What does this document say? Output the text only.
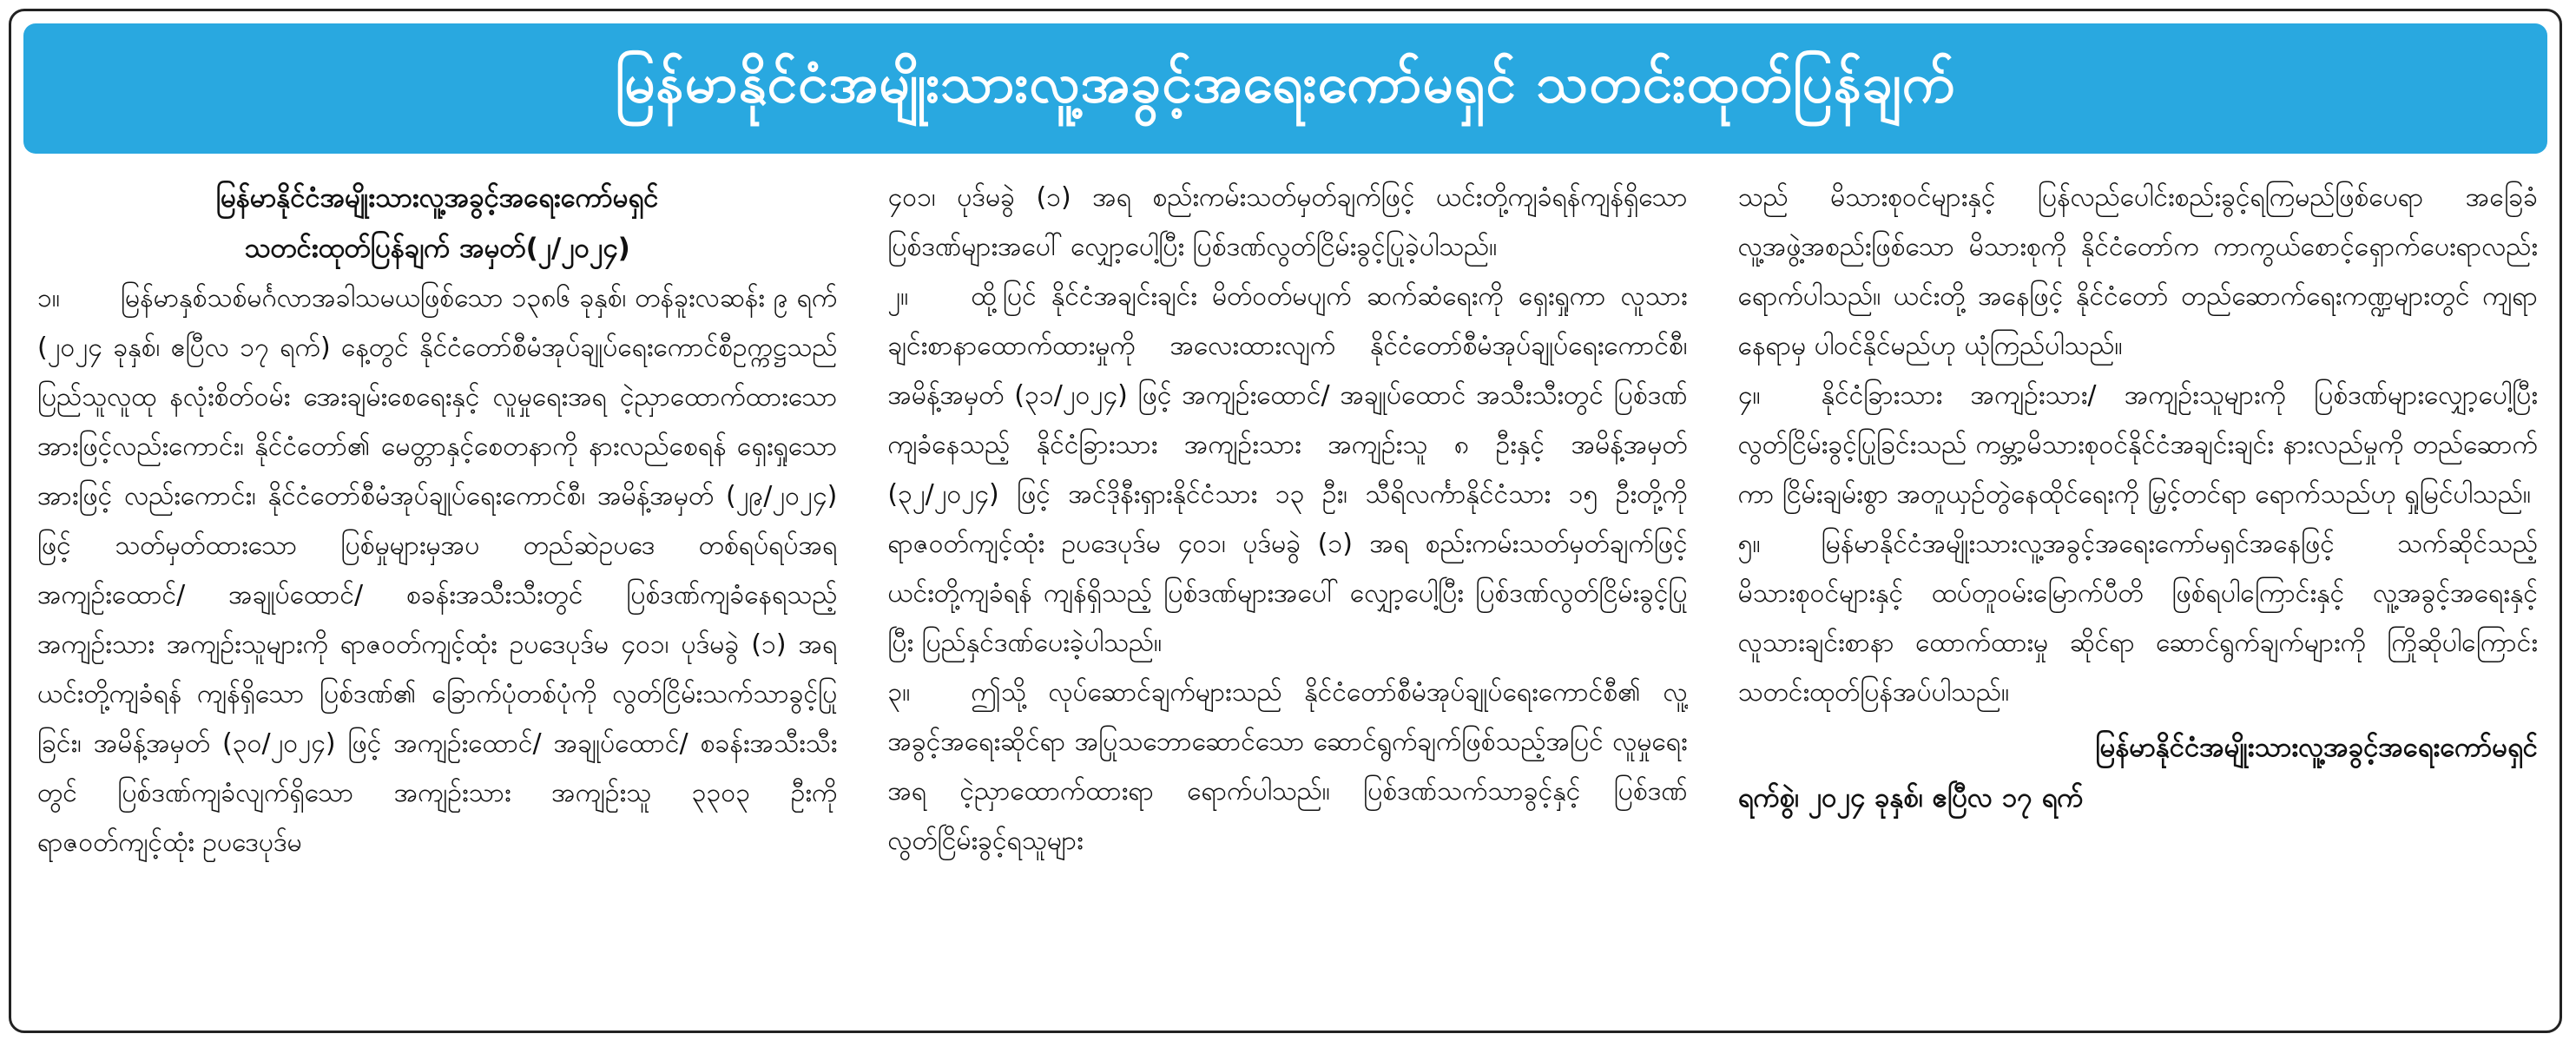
မြန်မာနိုင်ငံအမျိုးသားလူ့အခွင့်အရေးကော်မရှင် သတင်းထုတ်ပြန်ချက်
မြန်မာနိုင်ငံအမျိုးသားလူ့အခွင့်အရေးကော်မရှင်
သတင်းထုတ်ပြန်ချက် အမှတ်(၂/၂၀၂၄)

၁။ မြန်မာနှစ်သစ်မင်္ဂလာအခါသမယဖြစ်သော ၁၃၈၆ ခုနှစ်၊ တန်ခူးလဆန်း ၉ ရက် (၂၀၂၄ ခုနှစ်၊ ဧပြီလ ၁၇ ရက်) နေ့တွင် နိုင်ငံတော်စီမံအုပ်ချုပ်ရေးကောင်စီဥက္ကဋ္ဌသည် ပြည်သူလူထု နလုံးစိတ်ဝမ်း အေးချမ်းစေရေးနှင့် လူမှုရေးအရ ငဲ့ညှာထောက်ထားသောအားဖြင့်လည်းကောင်း၊ နိုင်ငံတော်၏ မေတ္တာနှင့်စေတနာကို နားလည်စေရန် ရှေးရှုသောအားဖြင့် လည်းကောင်း၊ နိုင်ငံတော်စီမံအုပ်ချုပ်ရေးကောင်စီ၊ အမိန့်အမှတ် (၂၉/၂၀၂၄) ဖြင့် သတ်မှတ်ထားသော ပြစ်မှုများမှအပ တည်ဆဲဥပဒေ တစ်ရပ်ရပ်အရ အကျဉ်းထောင်/ အချုပ်ထောင်/ စခန်းအသီးသီးတွင် ပြစ်ဒဏ်ကျခံနေရသည့် အကျဉ်းသား အကျဉ်းသူများကို ရာဇဝတ်ကျင့်ထုံး ဥပဒေပုဒ်မ ၄၀၁၊ ပုဒ်မခွဲ (၁) အရ ယင်းတို့ကျခံရန် ကျန်ရှိသော ပြစ်ဒဏ်၏ ခြောက်ပုံတစ်ပုံကို လွတ်ငြိမ်းသက်သာခွင့်ပြုခြင်း၊ အမိန့်အမှတ် (၃၀/၂၀၂၄) ဖြင့် အကျဉ်းထောင်/ အချုပ်ထောင်/ စခန်းအသီးသီးတွင် ပြစ်ဒဏ်ကျခံလျက်ရှိသော အကျဉ်းသား အကျဉ်းသူ ၃၃၀၃ ဦးကို ရာဇဝတ်ကျင့်ထုံး ဥပဒေပုဒ်မ

၄၀၁၊ ပုဒ်မခွဲ (၁) အရ စည်းကမ်းသတ်မှတ်ချက်ဖြင့် ယင်းတို့ကျခံရန်ကျန်ရှိသော ပြစ်ဒဏ်များအပေါ် လျှော့ပေါ့ပြီး ပြစ်ဒဏ်လွတ်ငြိမ်းခွင့်ပြုခဲ့ပါသည်။

၂။ ထို့ပြင် နိုင်ငံအချင်းချင်း မိတ်ဝတ်မပျက် ဆက်ဆံရေးကို ရှေးရှုကာ လူသားချင်းစာနာထောက်ထားမှုကို အလေးထားလျက် နိုင်ငံတော်စီမံအုပ်ချုပ်ရေးကောင်စီ၊ အမိန့်အမှတ် (၃၁/၂၀၂၄) ဖြင့် အကျဉ်းထောင်/ အချုပ်ထောင် အသီးသီးတွင် ပြစ်ဒဏ်ကျခံနေသည့် နိုင်ငံခြားသား အကျဉ်းသား အကျဉ်းသူ ၈ ဦးနှင့် အမိန့်အမှတ် (၃၂/၂၀၂၄) ဖြင့် အင်ဒိုနီးရှားနိုင်ငံသား ၁၃ ဦး၊ သီရိလင်္ကာနိုင်ငံသား ၁၅ ဦးတို့ကို ရာဇဝတ်ကျင့်ထုံး ဥပဒေပုဒ်မ ၄၀၁၊ ပုဒ်မခွဲ (၁) အရ စည်းကမ်းသတ်မှတ်ချက်ဖြင့် ယင်းတို့ကျခံရန် ကျန်ရှိသည့် ပြစ်ဒဏ်များအပေါ် လျှော့ပေါ့ပြီး ပြစ်ဒဏ်လွတ်ငြိမ်းခွင့်ပြုပြီး ပြည်နှင်ဒဏ်ပေးခဲ့ပါသည်။

၃။ ဤသို့ လုပ်ဆောင်ချက်များသည် နိုင်ငံတော်စီမံအုပ်ချုပ်ရေးကောင်စီ၏ လူ့အခွင့်အရေးဆိုင်ရာ အပြုသဘောဆောင်သော ဆောင်ရွက်ချက်ဖြစ်သည့်အပြင် လူမှုရေးအရ ငဲ့ညှာထောက်ထားရာ ရောက်ပါသည်။ ပြစ်ဒဏ်သက်သာခွင့်နှင့် ပြစ်ဒဏ်လွတ်ငြိမ်းခွင့်ရသူများ

သည် မိသားစုဝင်များနှင့် ပြန်လည်ပေါင်းစည်းခွင့်ရကြမည်ဖြစ်ပေရာ အခြေခံလူ့အဖွဲ့အစည်းဖြစ်သော မိသားစုကို နိုင်ငံတော်က ကာကွယ်စောင့်ရှောက်ပေးရာလည်းရောက်ပါသည်။ ယင်းတို့ အနေဖြင့် နိုင်ငံတော် တည်ဆောက်ရေးကဏ္ဍများတွင် ကျရာနေရာမှ ပါဝင်နိုင်မည်ဟု ယုံကြည်ပါသည်။

၄။ နိုင်ငံခြားသား အကျဉ်းသား/ အကျဉ်းသူများကို ပြစ်ဒဏ်များလျှော့ပေါ့ပြီး လွတ်ငြိမ်းခွင့်ပြုခြင်းသည် ကမ္ဘာ့မိသားစုဝင်နိုင်ငံအချင်းချင်း နားလည်မှုကို တည်ဆောက်ကာ ငြိမ်းချမ်းစွာ အတူယှဉ်တွဲနေထိုင်ရေးကို မြှင့်တင်ရာ ရောက်သည်ဟု ရှုမြင်ပါသည်။

၅။ မြန်မာနိုင်ငံအမျိုးသားလူ့အခွင့်အရေးကော်မရှင်အနေဖြင့် သက်ဆိုင်သည့် မိသားစုဝင်များနှင့် ထပ်တူဝမ်းမြောက်ပီတိ ဖြစ်ရပါကြောင်းနှင့် လူ့အခွင့်အရေးနှင့် လူသားချင်းစာနာ ထောက်ထားမှု ဆိုင်ရာ ဆောင်ရွက်ချက်များကို ကြိုဆိုပါကြောင်း သတင်းထုတ်ပြန်အပ်ပါသည်။

မြန်မာနိုင်ငံအမျိုးသားလူ့အခွင့်အရေးကော်မရှင်
ရက်စွဲ၊ ၂၀၂၄ ခုနှစ်၊ ဧပြီလ ၁၇ ရက်
